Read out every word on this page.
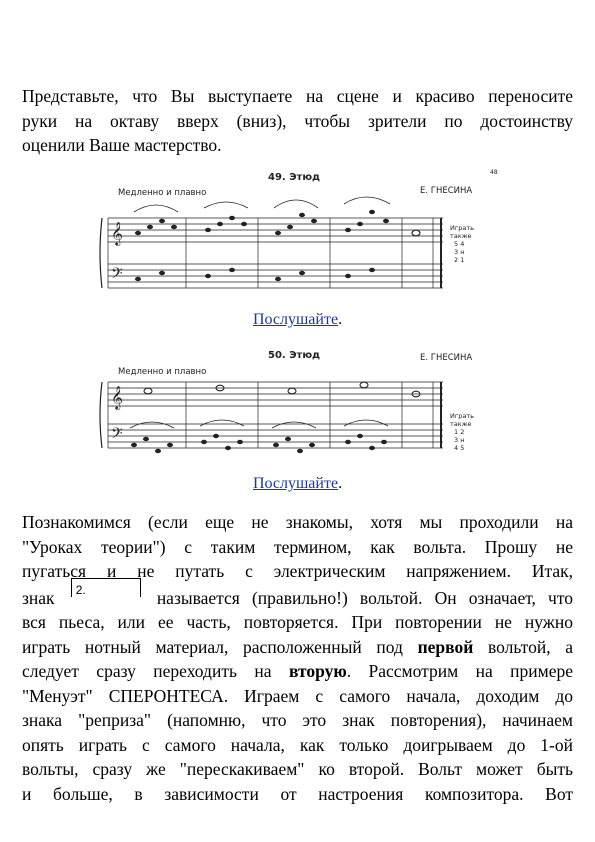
Представьте, что Вы выступаете на сцене и красиво переносите
руки на октаву вверх (вниз), чтобы зрители по достоинству
оценили Ваше мастерство.
49. Этюд
Медленно и плавно	Е. ГНЕСИНА
48
𝄞
𝄢
Играть
также
5 4
3 н
2 1
Послушайте.
50. Этюд
Медленно и плавно
Е. ГНЕСИНА
𝄞
𝄢
Играть
также
1 2
3 н
4 5
Послушайте.
Познакомимся (если еще не знакомы, хотя мы проходили на
"Уроках теории") с таким термином, как вольта. Прошу не
пугаться и не путать с электрическим напряжением. Итак,
знак 2.	называется (правильно!) вольтой. Он означает, что
вся пьеса, или ее часть, повторяется. При повторении не нужно
играть нотный материал, расположенный под первой вольтой, а
следует сразу переходить на вторую. Рассмотрим на примере
"Менуэт" СПЕРОНТЕСА. Играем с самого начала, доходим до
знака "реприза" (напомню, что это знак повторения), начинаем
опять играть с самого начала, как только доигрываем до 1-ой
вольты, сразу же "перескакиваем" ко второй. Вольт может быть
и больше, в зависимости от настроения композитора. Вот
